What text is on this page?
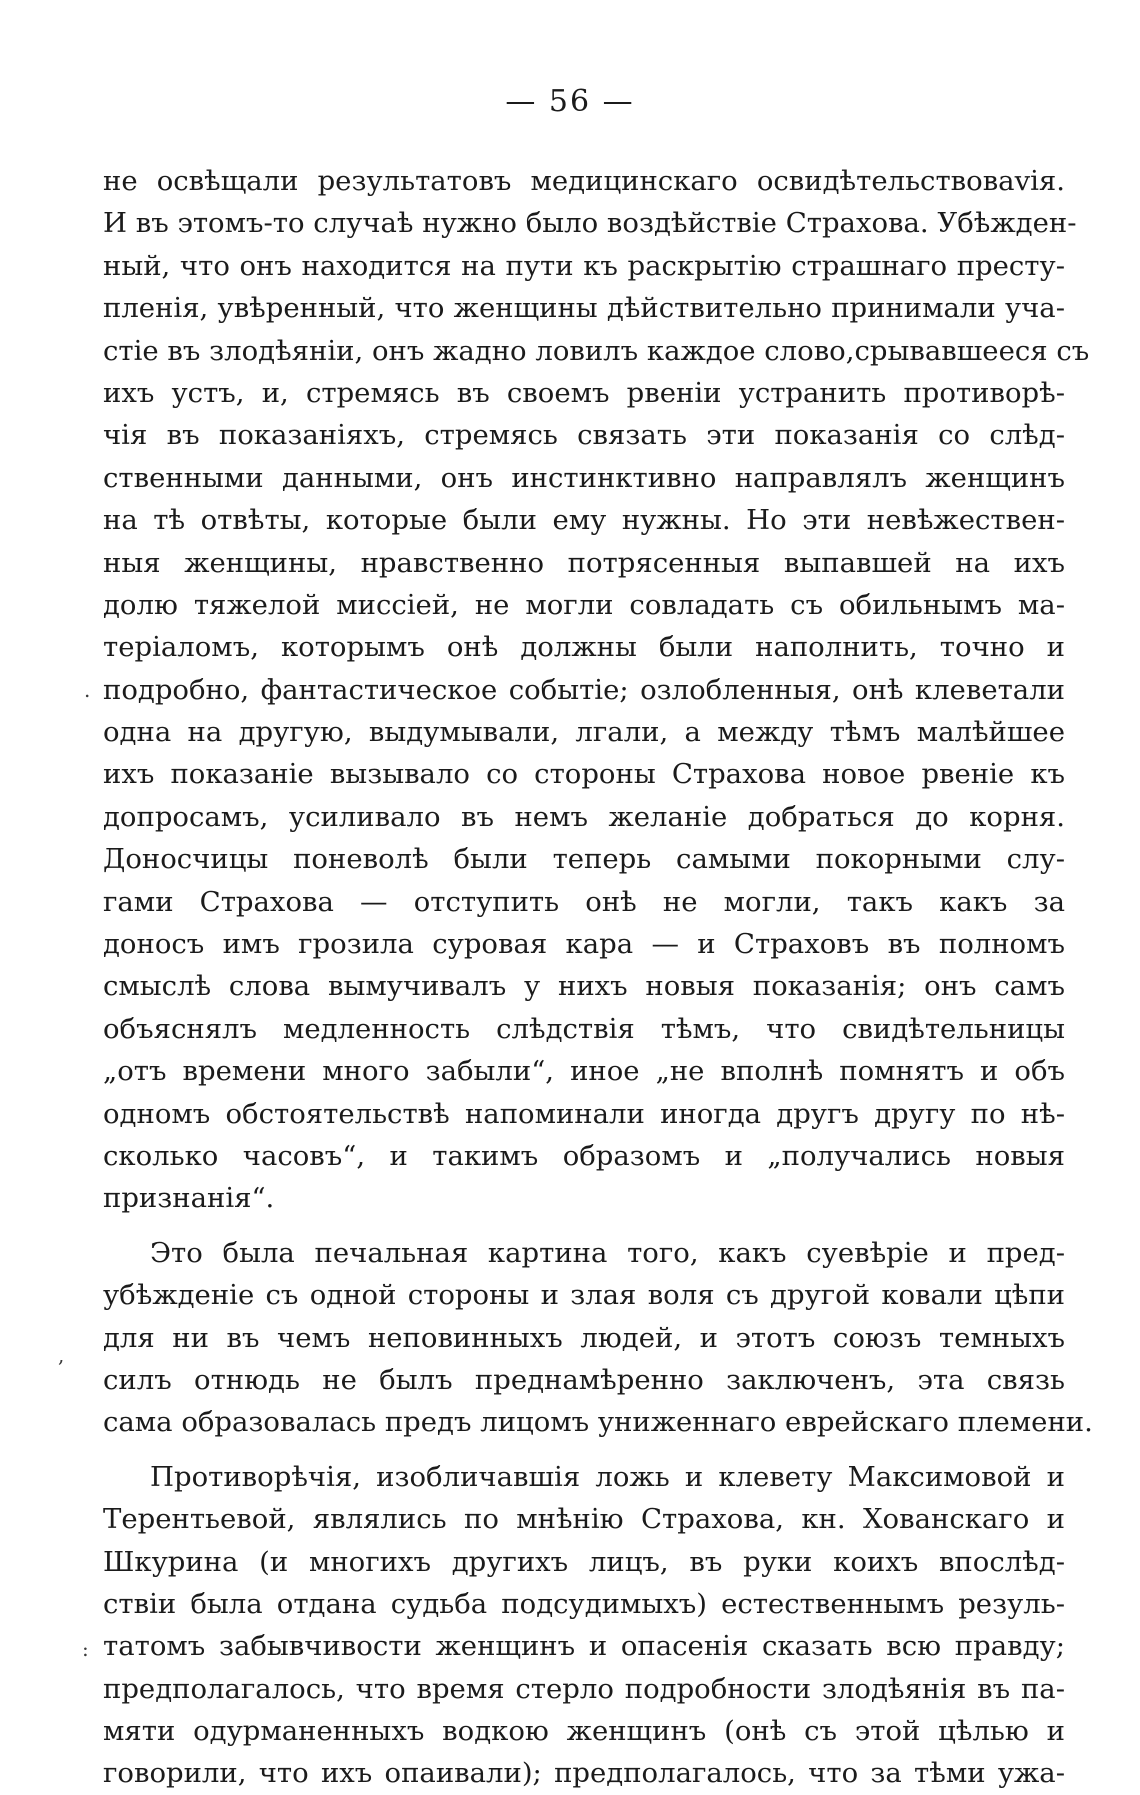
— 56 —
не освѣщали результатовъ медицинскаго освидѣтельствоваvія.
И въ этомъ-то случаѣ нужно было воздѣйствіе Страхова. Убѣжден-
ный, что онъ находится на пути къ раскрытію страшнаго престу-
пленія, увѣренный, что женщины дѣйствительно принимали уча-
стіе въ злодѣяніи, онъ жадно ловилъ каждое слово,срывавшееся съ
ихъ устъ, и, стремясь въ своемъ рвеніи устранить противорѣ-
чія въ показаніяхъ, стремясь связать эти показанія со слѣд-
ственными данными, онъ инстинктивно направлялъ женщинъ
на тѣ отвѣты, которые были ему нужны. Но эти невѣжествен-
ныя женщины, нравственно потрясенныя выпавшей на ихъ
долю тяжелой миссіей, не могли совладать съ обильнымъ ма-
теріаломъ, которымъ онѣ должны были наполнить, точно и
подробно, фантастическое событіе; озлобленныя, онѣ клеветали
одна на другую, выдумывали, лгали, а между тѣмъ малѣйшее
ихъ показаніе вызывало со стороны Страхова новое рвеніе къ
допросамъ, усиливало въ немъ желаніе добраться до корня.
Доносчицы поневолѣ были теперь самыми покорными слу-
гами Страхова — отступить онѣ не могли, такъ какъ за
доносъ имъ грозила суровая кара — и Страховъ въ полномъ
смыслѣ слова вымучивалъ у нихъ новыя показанія; онъ самъ
объяснялъ медленность слѣдствія тѣмъ, что свидѣтельницы
„отъ времени много забыли“, иное „не вполнѣ помнятъ и объ
одномъ обстоятельствѣ напоминали иногда другъ другу по нѣ-
сколько часовъ“, и такимъ образомъ и „получались новыя
признанія“.
Это была печальная картина того, какъ суевѣріе и пред-
убѣжденіе съ одной стороны и злая воля съ другой ковали цѣпи
для ни въ чемъ неповинныхъ людей, и этотъ союзъ темныхъ
силъ отнюдь не былъ преднамѣренно заключенъ, эта связь
сама образовалась предъ лицомъ униженнаго еврейскаго племени.
Противорѣчія, изобличавшія ложь и клевету Максимовой и
Терентьевой, являлись по мнѣнію Страхова, кн. Хованскаго и
Шкурина (и многихъ другихъ лицъ, въ руки коихъ впослѣд-
ствіи была отдана судьба подсудимыхъ) естественнымъ резуль-
татомъ забывчивости женщинъ и опасенія сказать всю правду;
предполагалось, что время стерло подробности злодѣянія въ па-
мяти одурманенныхъ водкою женщинъ (онѣ съ этой цѣлью и
говорили, что ихъ опаивали); предполагалось, что за тѣми ужа-
.
,
:
